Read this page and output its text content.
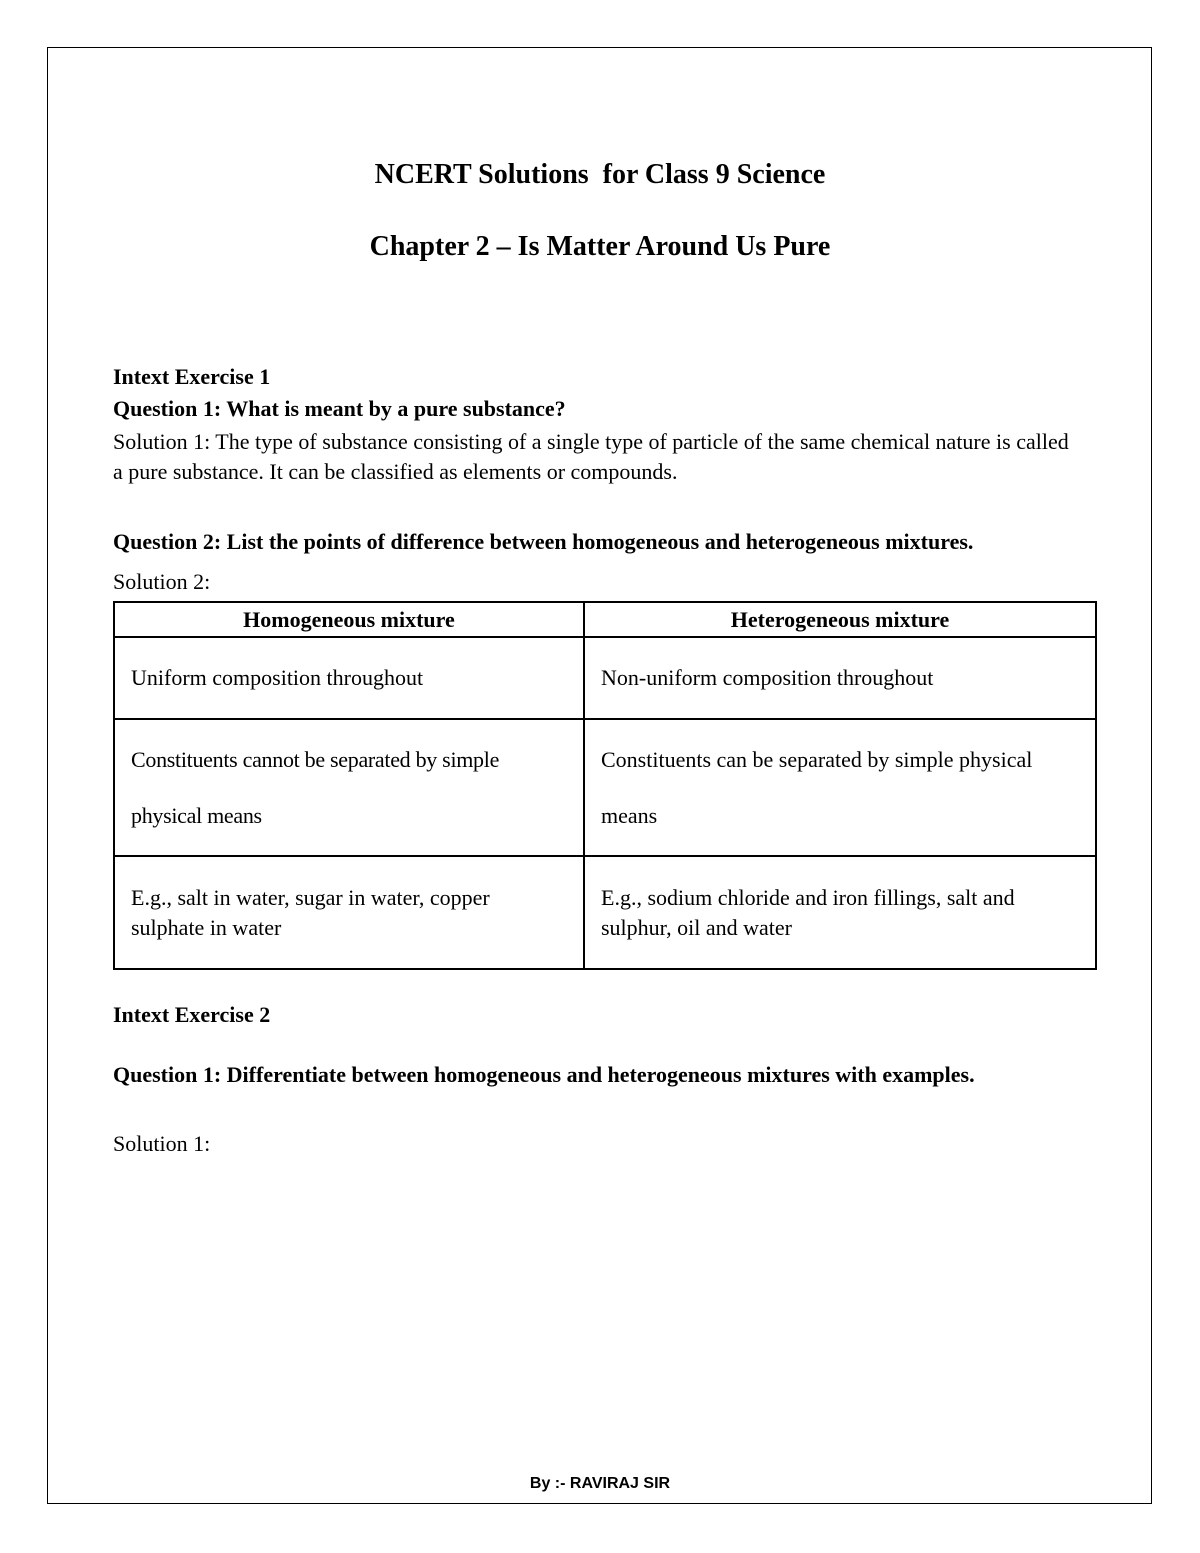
NCERT Solutions  for Class 9 Science
Chapter 2 – Is Matter Around Us Pure
Intext Exercise 1
Question 1: What is meant by a pure substance?
Solution 1: The type of substance consisting of a single type of particle of the same chemical nature is called a pure substance. It can be classified as elements or compounds.
Question 2: List the points of difference between homogeneous and heterogeneous mixtures.
Solution 2:
Homogeneous mixture	Heterogeneous mixture
Uniform composition throughout	Non-uniform composition throughout
Constituents cannot be separated by simple physical means	Constituents can be separated by simple physical means
E.g., salt in water, sugar in water, copper sulphate in water	E.g., sodium chloride and iron fillings, salt and sulphur, oil and water
Intext Exercise 2
Question 1: Differentiate between homogeneous and heterogeneous mixtures with examples.
Solution 1:
By :- RAVIRAJ SIR
